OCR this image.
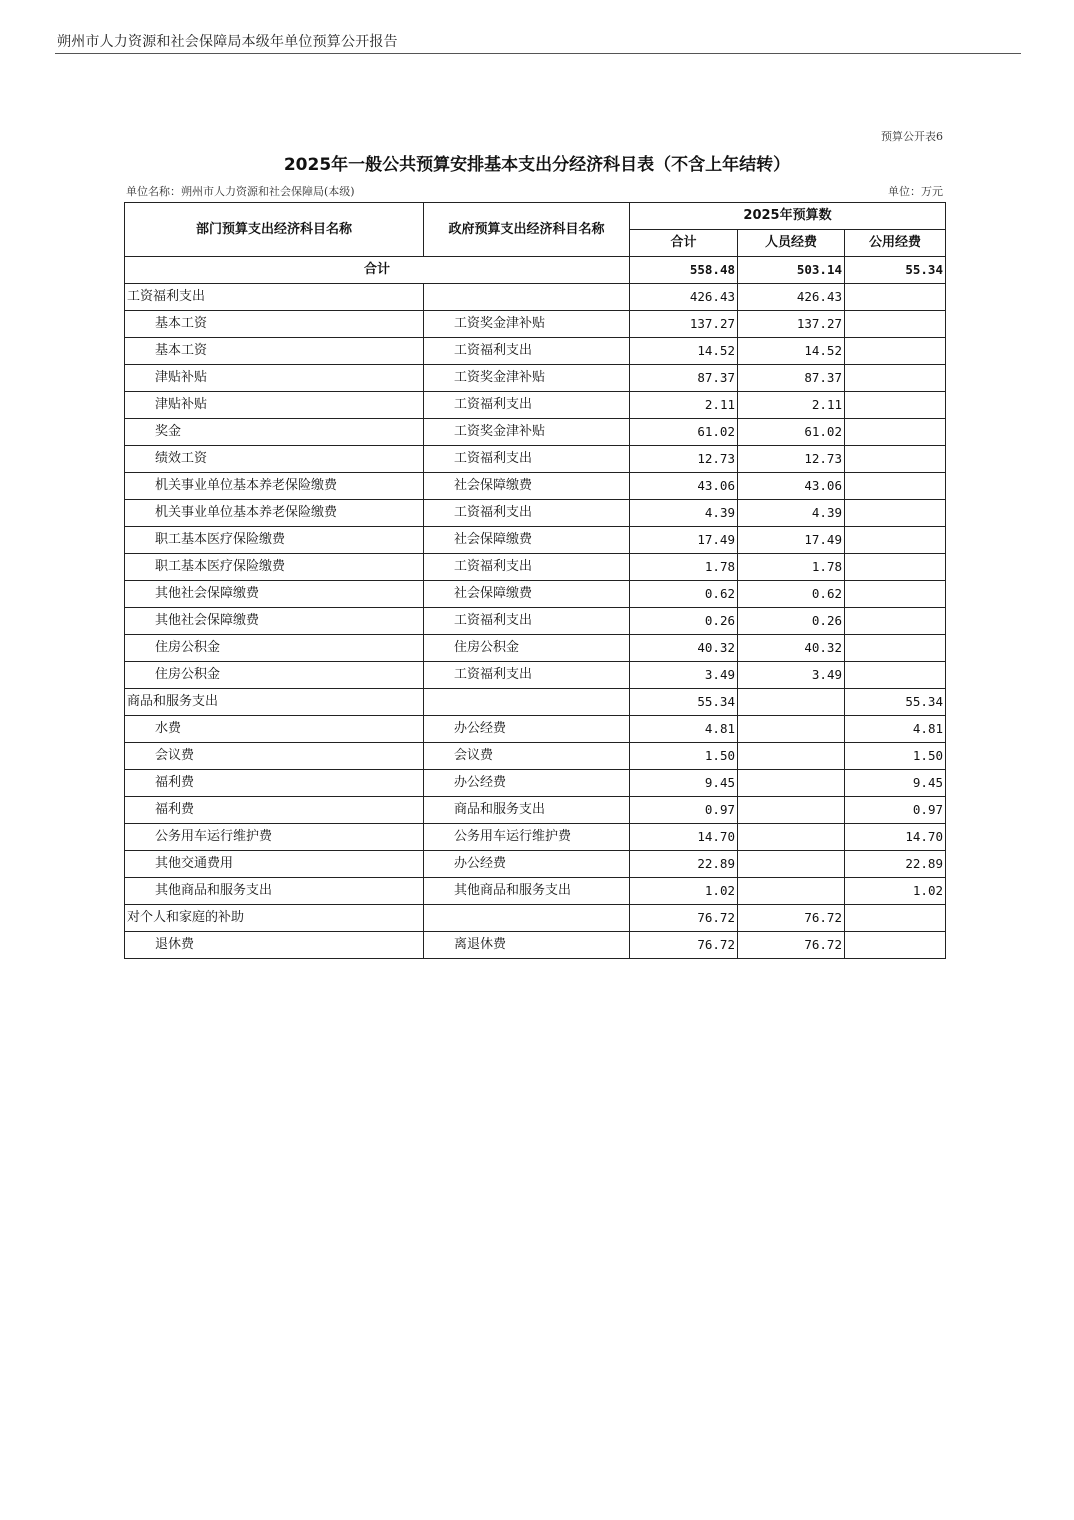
朔州市人力资源和社会保障局本级年单位预算公开报告
预算公开表6
2025年一般公共预算安排基本支出分经济科目表（不含上年结转）
单位名称：朔州市人力资源和社会保障局(本级)	单位：万元
部门预算支出经济科目名称	政府预算支出经济科目名称	2025年预算数		
		合计	人员经费	公用经费
合计		558.48	503.14	55.34
工资福利支出		426.43	426.43	
基本工资	工资奖金津补贴	137.27	137.27	
基本工资	工资福利支出	14.52	14.52	
津贴补贴	工资奖金津补贴	87.37	87.37	
津贴补贴	工资福利支出	2.11	2.11	
奖金	工资奖金津补贴	61.02	61.02	
绩效工资	工资福利支出	12.73	12.73	
机关事业单位基本养老保险缴费	社会保障缴费	43.06	43.06	
机关事业单位基本养老保险缴费	工资福利支出	4.39	4.39	
职工基本医疗保险缴费	社会保障缴费	17.49	17.49	
职工基本医疗保险缴费	工资福利支出	1.78	1.78	
其他社会保障缴费	社会保障缴费	0.62	0.62	
其他社会保障缴费	工资福利支出	0.26	0.26	
住房公积金	住房公积金	40.32	40.32	
住房公积金	工资福利支出	3.49	3.49	
商品和服务支出		55.34		55.34
水费	办公经费	4.81		4.81
会议费	会议费	1.50		1.50
福利费	办公经费	9.45		9.45
福利费	商品和服务支出	0.97		0.97
公务用车运行维护费	公务用车运行维护费	14.70		14.70
其他交通费用	办公经费	22.89		22.89
其他商品和服务支出	其他商品和服务支出	1.02		1.02
对个人和家庭的补助		76.72	76.72	
退休费	离退休费	76.72	76.72	
